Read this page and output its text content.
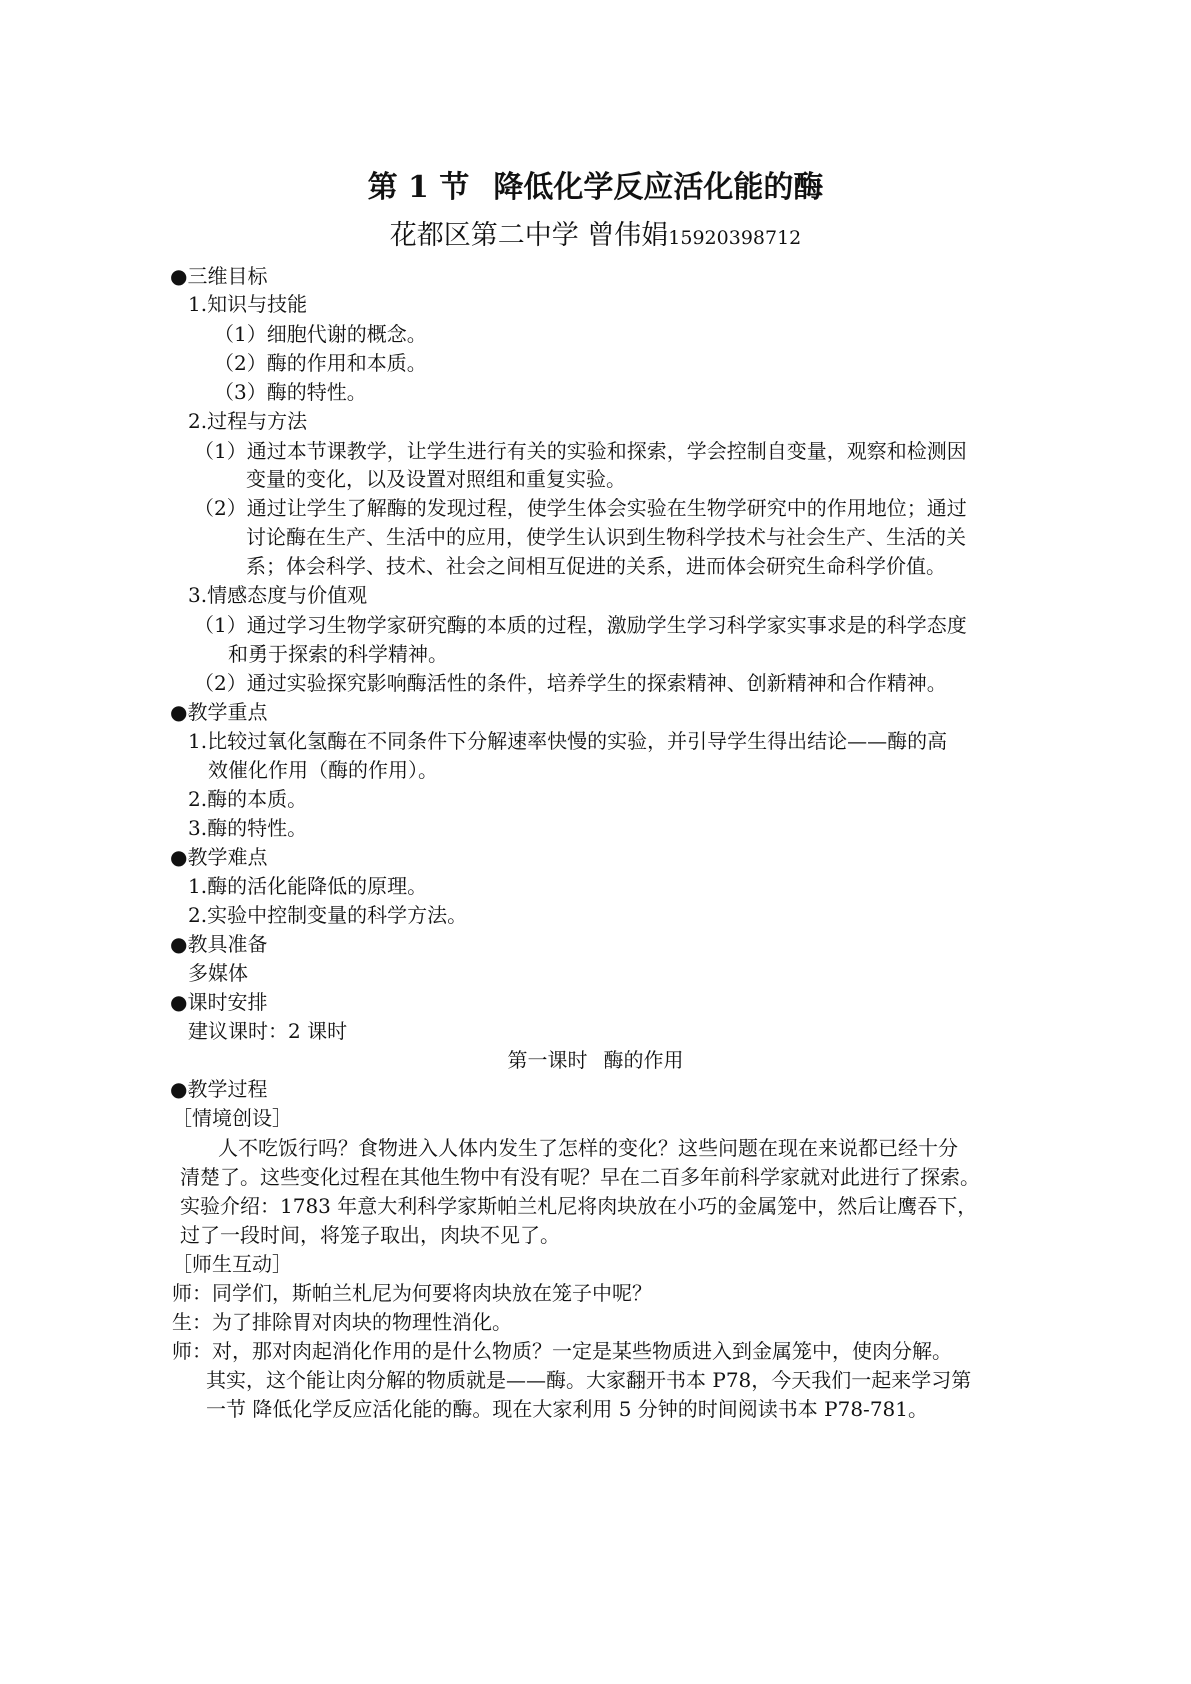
第 1 节 降低化学反应活化能的酶
花都区第二中学 曾伟娟15920398712
● 三维目标
1.知识与技能
（1）细胞代谢的概念。
（2）酶的作用和本质。
（3）酶的特性。
2.过程与方法
（1）通过本节课教学，让学生进行有关的实验和探索，学会控制自变量，观察和检测因
变量的变化，以及设置对照组和重复实验。
（2）通过让学生了解酶的发现过程，使学生体会实验在生物学研究中的作用地位；通过
讨论酶在生产、生活中的应用，使学生认识到生物科学技术与社会生产、生活的关
系；体会科学、技术、社会之间相互促进的关系，进而体会研究生命科学价值。
3.情感态度与价值观
（1）通过学习生物学家研究酶的本质的过程，激励学生学习科学家实事求是的科学态度
和勇于探索的科学精神。
（2）通过实验探究影响酶活性的条件，培养学生的探索精神、创新精神和合作精神。
● 教学重点
1.比较过氧化氢酶在不同条件下分解速率快慢的实验，并引导学生得出结论——酶的高
效催化作用（酶的作用）。
2.酶的本质。
3.酶的特性。
● 教学难点
1.酶的活化能降低的原理。
2.实验中控制变量的科学方法。
● 教具准备
多媒体
● 课时安排
建议课时：2 课时
第一课时 酶的作用
● 教学过程
［情境创设］
人不吃饭行吗？食物进入人体内发生了怎样的变化？这些问题在现在来说都已经十分
清楚了。这些变化过程在其他生物中有没有呢？早在二百多年前科学家就对此进行了探索。
实验介绍：1783 年意大利科学家斯帕兰札尼将肉块放在小巧的金属笼中，然后让鹰吞下，
过了一段时间，将笼子取出，肉块不见了。
［师生互动］
师：同学们，斯帕兰札尼为何要将肉块放在笼子中呢？
生：为了排除胃对肉块的物理性消化。
师：对，那对肉起消化作用的是什么物质？一定是某些物质进入到金属笼中，使肉分解。
其实，这个能让肉分解的物质就是——酶。大家翻开书本 P78，今天我们一起来学习第
一节 降低化学反应活化能的酶。现在大家利用 5 分钟的时间阅读书本 P78-781。
